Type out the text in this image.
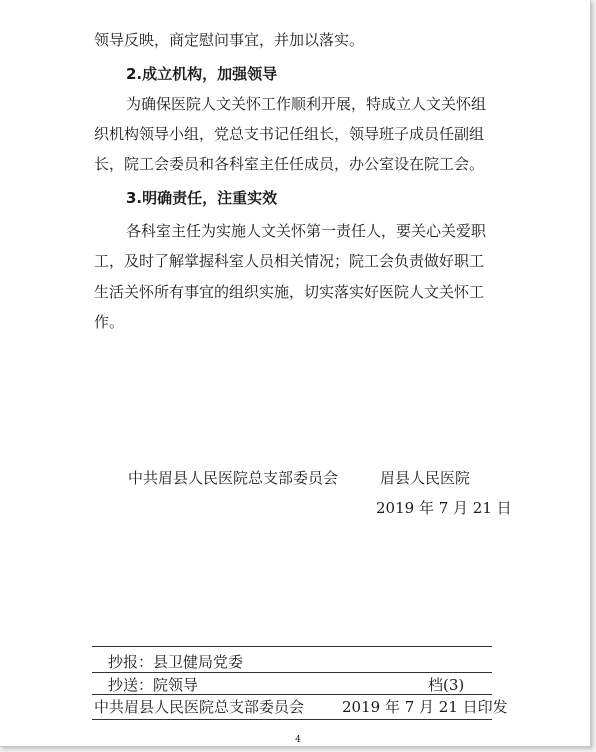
领导反映，商定慰问事宜，并加以落实。
2.成立机构，加强领导
为确保医院人文关怀工作顺利开展，特成立人文关怀组
织机构领导小组，党总支书记任组长，领导班子成员任副组
长，院工会委员和各科室主任任成员，办公室设在院工会。
3.明确责任，注重实效
各科室主任为实施人文关怀第一责任人，要关心关爱职
工，及时了解掌握科室人员相关情况；院工会负责做好职工
生活关怀所有事宜的组织实施，切实落实好医院人文关怀工
作。
中共眉县人民医院总支部委员会	眉县人民医院
2019 年 7 月 21 日
抄报：县卫健局党委
抄送：院领导	档(3)
中共眉县人民医院总支部委员会	2019 年 7 月 21 日印发
4
